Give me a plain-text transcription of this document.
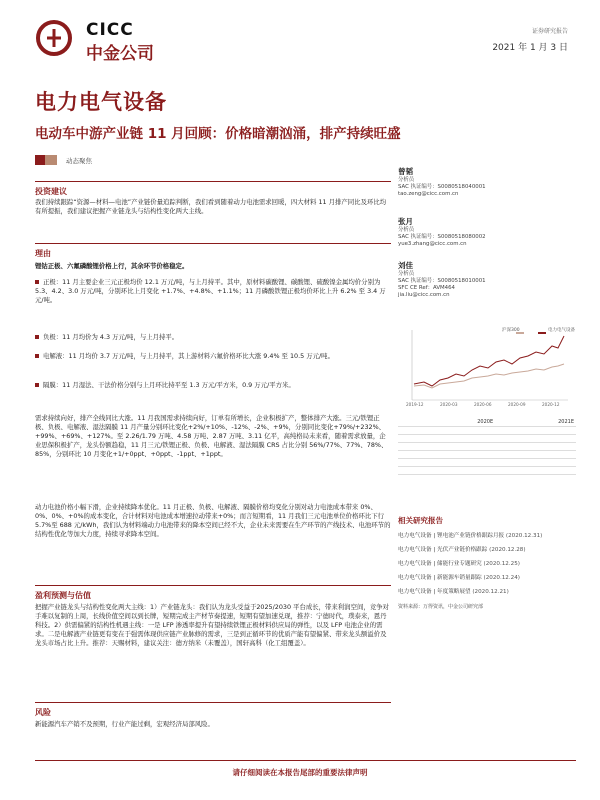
CICC
中金公司
证券研究报告
2021 年 1 月 3 日
电力电气设备
电动车中游产业链 11 月回顾：价格暗潮汹涌，排产持续旺盛
动态聚焦
投资建议
我们持续跟踪“资源—材料—电池”产业链价量追踪判断，我们看到随着动力电池需求回暖，四大材料 11 月排产同比及环比均有所提振，我们建议把握产业链龙头与结构性变化两大主线。
理由
锂钴正极、六氟磷酸锂价格上行，其余环节价格稳定。
正极：11 月主要企业三元正极均价 12.1 万元/吨，与上月持平。其中，原材料碳酸锂、碳酸锂、硫酸镍金属均价分别为 5.3、4.2、3.0 万元/吨，分别环比上月变化 +1.7%、+4.8%、+1.1%；11 月磷酸铁锂正极均价环比上升 6.2% 至 3.4 万元/吨。
负极：11 月均价为 4.3 万元/吨，与上月持平。
电解液：11 月均价 3.7 万元/吨，与上月持平，其上游材料六氟价格环比大涨 9.4% 至 10.5 万元/吨。
隔膜：11 月湿法、干法价格分别与上月环比持平至 1.3 万元/平方米，0.9 万元/平方米。
需求持续向好，排产全线同比大涨。11 月我国需求持续向好，订单有所增长，企业积极扩产，整体排产大涨。三元/铁锂正极、负极、电解液、湿法隔膜 11 月产量分别环比变化+2%/+10%、-12%、-2%、+9%，分别同比变化+79%/+232%、+99%、+69%、+127%。至 2.26/1.79 万吨、4.58 万吨、2.87 万吨、3.11 亿平，高纯格局未来看，随着需求放量，企业思保积极扩产，龙头份额趋稳，11 月三元/铁锂正极、负极、电解液、湿法隔膜 CRS 占比分别 56%/77%、77%、78%、85%，分别环比 10 月变化+1/+0ppt、+0ppt、-1ppt、+1ppt。
动力电池价格小幅下滑，企业持续降本优化。11 月正极、负极、电解液、隔膜价格均变化分别对动力电池成本带来 0%、0%、0%、+0%的成本变化，合计材料对电池成本增速拉动带来+0%；而言短期看，11 月我们三元电池单位价格环比下行 5.7%至 688 元/kWh，我们认为材料端动力电池带来的降本空间已经不大，企业未来需要在生产环节的产线技术、电池环节的结构性优化等加大力度，持续寻求降本空间。
盈利预测与估值
把握产业链龙头与结构性变化两大主线：1）产业链龙头：我们认为龙头受益于2025/2030 平台成长，带来利润空间，竞争对手难以复制的上周，长线价值空间以到长牌，短期完成主产材节奏提速，短期有望加速兑现，推荐：宁德时代，璞泰来，恩丹科技。2）供需偏紧的结构性机遇主线：一是 LFP 渗透率提升有望持续铁锂正极材料供应局的弹性，以及 LFP 电池企业的需求。二是电解液产业链更有变在于强需体现供应链产业脉修的需求，三是到正循环节的优质产能有望偏紧、带来龙头额溢价及龙头市场占比上升。推荐：天赐材料，建议关注：德方纳米（未覆盖），国轩高科（化工组覆盖）。
风险
新能源汽车产销不及预期，行业产能过剩，宏观经济局部风险。
曾韬
分析员
SAC 执证编号：S0080518040001
tao.zeng@cicc.com.cn
张月
分析员
SAC 执证编号：S0080518080002
yue3.zhang@cicc.com.cn
刘佳
分析员
SAC 执证编号：S0080518010001
SFC CE Ref：AVM464
jia.liu@cicc.com.cn
沪深300	电力电气设备
2019-12	2020-03	2020-06	2020-09	2020-12
	2020E	2021E

相关研究报告
电力电气设备 | 锂电池产业链价格跟踪月报 (2020.12.31)
电力电气设备 | 光伏产业链价格跟踪 (2020.12.28)
电力电气设备 | 储能行业专题研究 (2020.12.25)
电力电气设备 | 新能源车销量跟踪 (2020.12.24)
电力电气设备 | 年度策略展望 (2020.12.21)
资料来源：万得资讯，中金公司研究部
请仔细阅读在本报告尾部的重要法律声明
